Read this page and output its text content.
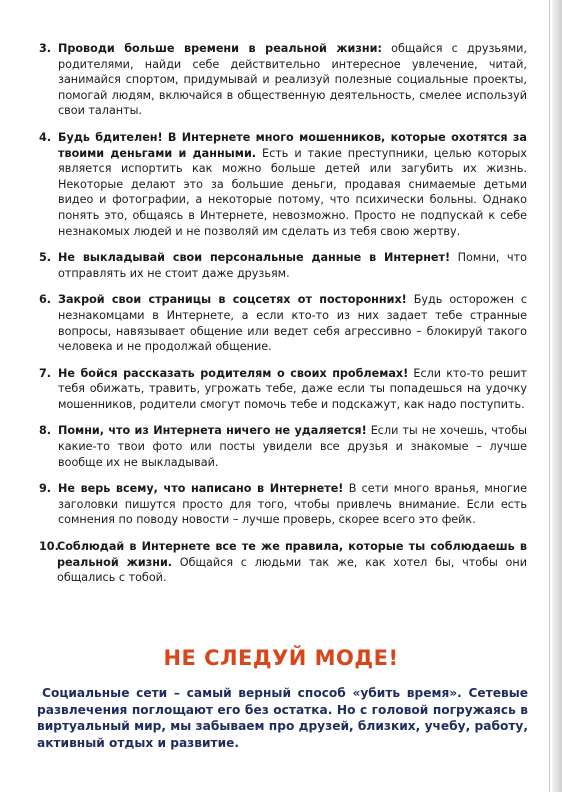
3. Проводи больше времени в реальной жизни: общайся с друзьями, родителями, найди себе действительно интересное увлечение, читай, занимайся спортом, придумывай и реализуй полезные социальные проекты, помогай людям, включайся в общественную деятельность, смелее используй свои таланты.
4. Будь бдителен! В Интернете много мошенников, которые охотятся за твоими деньгами и данными. Есть и такие преступники, целью которых является испортить как можно больше детей или загубить их жизнь. Некоторые делают это за большие деньги, продавая снимаемые детьми видео и фотографии, а некоторые потому, что психически больны. Однако понять это, общаясь в Интернете, невозможно. Просто не подпускай к себе незнакомых людей и не позволяй им сделать из тебя свою жертву.
5. Не выкладывай свои персональные данные в Интернет! Помни, что отправлять их не стоит даже друзьям.
6. Закрой свои страницы в соцсетях от посторонних! Будь осторожен с незнакомцами в Интернете, а если кто-то из них задает тебе странные вопросы, навязывает общение или ведет себя агрессивно – блокируй такого человека и не продолжай общение.
7. Не бойся рассказать родителям о своих проблемах! Если кто-то решит тебя обижать, травить, угрожать тебе, даже если ты попадешься на удочку мошенников, родители смогут помочь тебе и подскажут, как надо поступить.
8. Помни, что из Интернета ничего не удаляется! Если ты не хочешь, чтобы какие-то твои фото или посты увидели все друзья и знакомые – лучше вообще их не выкладывай.
9. Не верь всему, что написано в Интернете! В сети много вранья, многие заголовки пишутся просто для того, чтобы привлечь внимание. Если есть сомнения по поводу новости – лучше проверь, скорее всего это фейк.
10.
Соблюдай в Интернете все те же правила, которые ты соблюдаешь в реальной жизни. Общайся с людьми так же, как хотел бы, чтобы они общались с тобой.
НЕ СЛЕДУЙ МОДЕ!
Социальные сети – самый верный способ «убить время». Сетевые развлечения поглощают его без остатка. Но с головой погружаясь в виртуальный мир, мы забываем про друзей, близких, учебу, работу, активный отдых и развитие.
